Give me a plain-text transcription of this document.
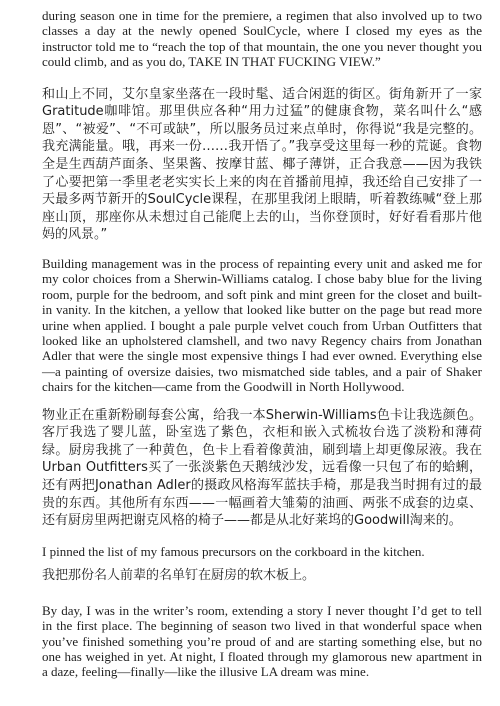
during season one in time for the premiere, a regimen that also involved up to two classes a day at the newly opened SoulCycle, where I closed my eyes as the instructor told me to “reach the top of that mountain, the one you never thought you could climb, and as you do, TAKE IN THAT FUCKING VIEW.”

和山上不同，艾尔皇家坐落在一段时髦、适合闲逛的街区。街角新开了一家Gratitude咖啡馆。那里供应各种“用力过猛”的健康食物，菜名叫什么“感恩”、“被爱”、“不可或缺”，所以服务员过来点单时，你得说“我是完整的。我充满能量。哦，再来一份……我开悟了。”我享受这里每一秒的荒诞。食物全是生西葫芦面条、坚果酱、按摩甘蓝、椰子薄饼，正合我意——因为我铁了心要把第一季里老老实实长上来的肉在首播前甩掉，我还给自己安排了一天最多两节新开的SoulCycle课程，在那里我闭上眼睛，听着教练喊“登上那座山顶，那座你从未想过自己能爬上去的山，当你登顶时，好好看看那片他妈的风景。”

Building management was in the process of repainting every unit and asked me for my color choices from a Sherwin-Williams catalog. I chose baby blue for the living room, purple for the bedroom, and soft pink and mint green for the closet and built-in vanity. In the kitchen, a yellow that looked like butter on the page but read more urine when applied. I bought a pale purple velvet couch from Urban Outfitters that looked like an upholstered clamshell, and two navy Regency chairs from Jonathan Adler that were the single most expensive things I had ever owned. Everything else—a painting of oversize daisies, two mismatched side tables, and a pair of Shaker chairs for the kitchen—came from the Goodwill in North Hollywood.

物业正在重新粉刷每套公寓，给我一本Sherwin-Williams色卡让我选颜色。客厅我选了婴儿蓝，卧室选了紫色，衣柜和嵌入式梳妆台选了淡粉和薄荷绿。厨房我挑了一种黄色，色卡上看着像黄油，刷到墙上却更像尿液。我在Urban Outfitters买了一张淡紫色天鹅绒沙发，远看像一只包了布的蛤蜊，还有两把Jonathan Adler的摄政风格海军蓝扶手椅，那是我当时拥有过的最贵的东西。其他所有东西——一幅画着大雏菊的油画、两张不成套的边桌、还有厨房里两把谢克风格的椅子——都是从北好莱坞的Goodwill淘来的。

I pinned the list of my famous precursors on the corkboard in the kitchen.

我把那份名人前辈的名单钉在厨房的软木板上。

By day, I was in the writer’s room, extending a story I never thought I’d get to tell in the first place. The beginning of season two lived in that wonderful space when you’ve finished something you’re proud of and are starting something else, but no one has weighed in yet. At night, I floated through my glamorous new apartment in a daze, feeling—finally—like the illusive LA dream was mine.
